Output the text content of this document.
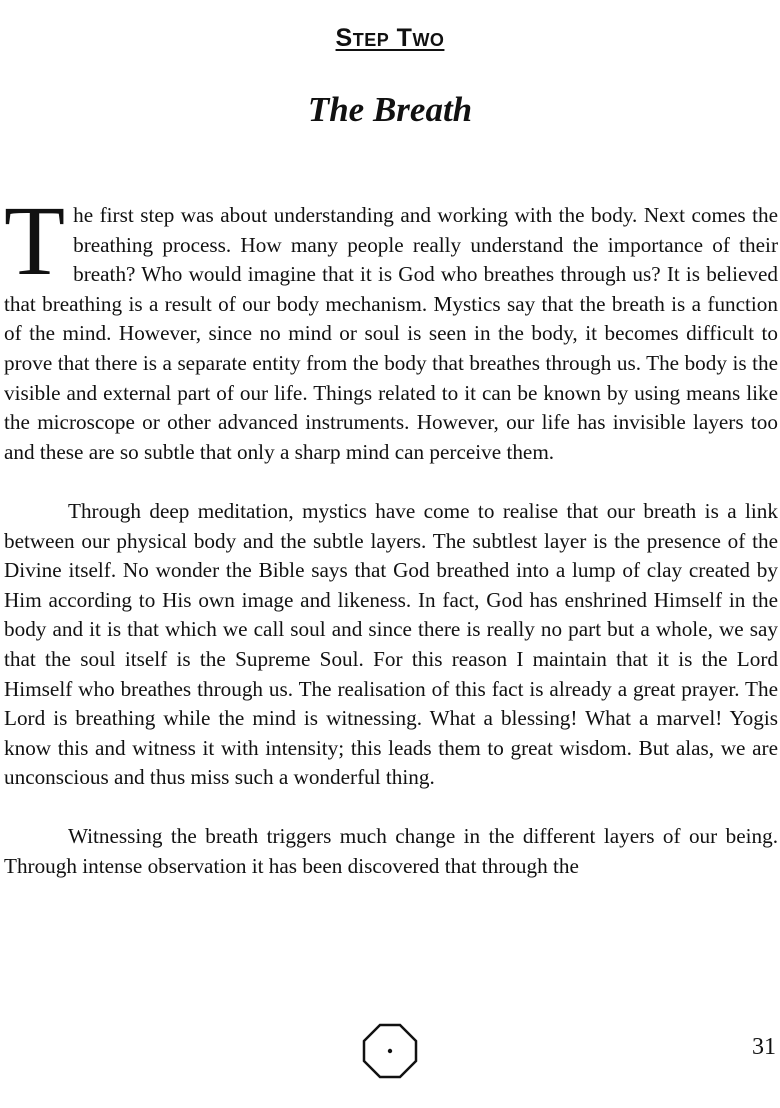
Step Two
The Breath

The first step was about understanding and working with the body. Next comes the breathing process. How many people really understand the importance of their breath? Who would imagine that it is God who breathes through us? It is believed that breathing is a result of our body mechanism. Mystics say that the breath is a function of the mind. However, since no mind or soul is seen in the body, it becomes difficult to prove that there is a separate entity from the body that breathes through us. The body is the visible and external part of our life. Things related to it can be known by using means like the microscope or other advanced instruments. However, our life has invisible layers too and these are so subtle that only a sharp mind can perceive them.

Through deep meditation, mystics have come to realise that our breath is a link between our physical body and the subtle layers. The subtlest layer is the presence of the Divine itself. No wonder the Bible says that God breathed into a lump of clay created by Him according to His own image and likeness. In fact, God has enshrined Himself in the body and it is that which we call soul and since there is really no part but a whole, we say that the soul itself is the Supreme Soul. For this reason I maintain that it is the Lord Himself who breathes through us. The realisation of this fact is already a great prayer. The Lord is breathing while the mind is witnessing. What a blessing! What a marvel! Yogis know this and witness it with intensity; this leads them to great wisdom. But alas, we are unconscious and thus miss such a wonderful thing.

Witnessing the breath triggers much change in the different layers of our being. Through intense observation it has been discovered that through the

31
